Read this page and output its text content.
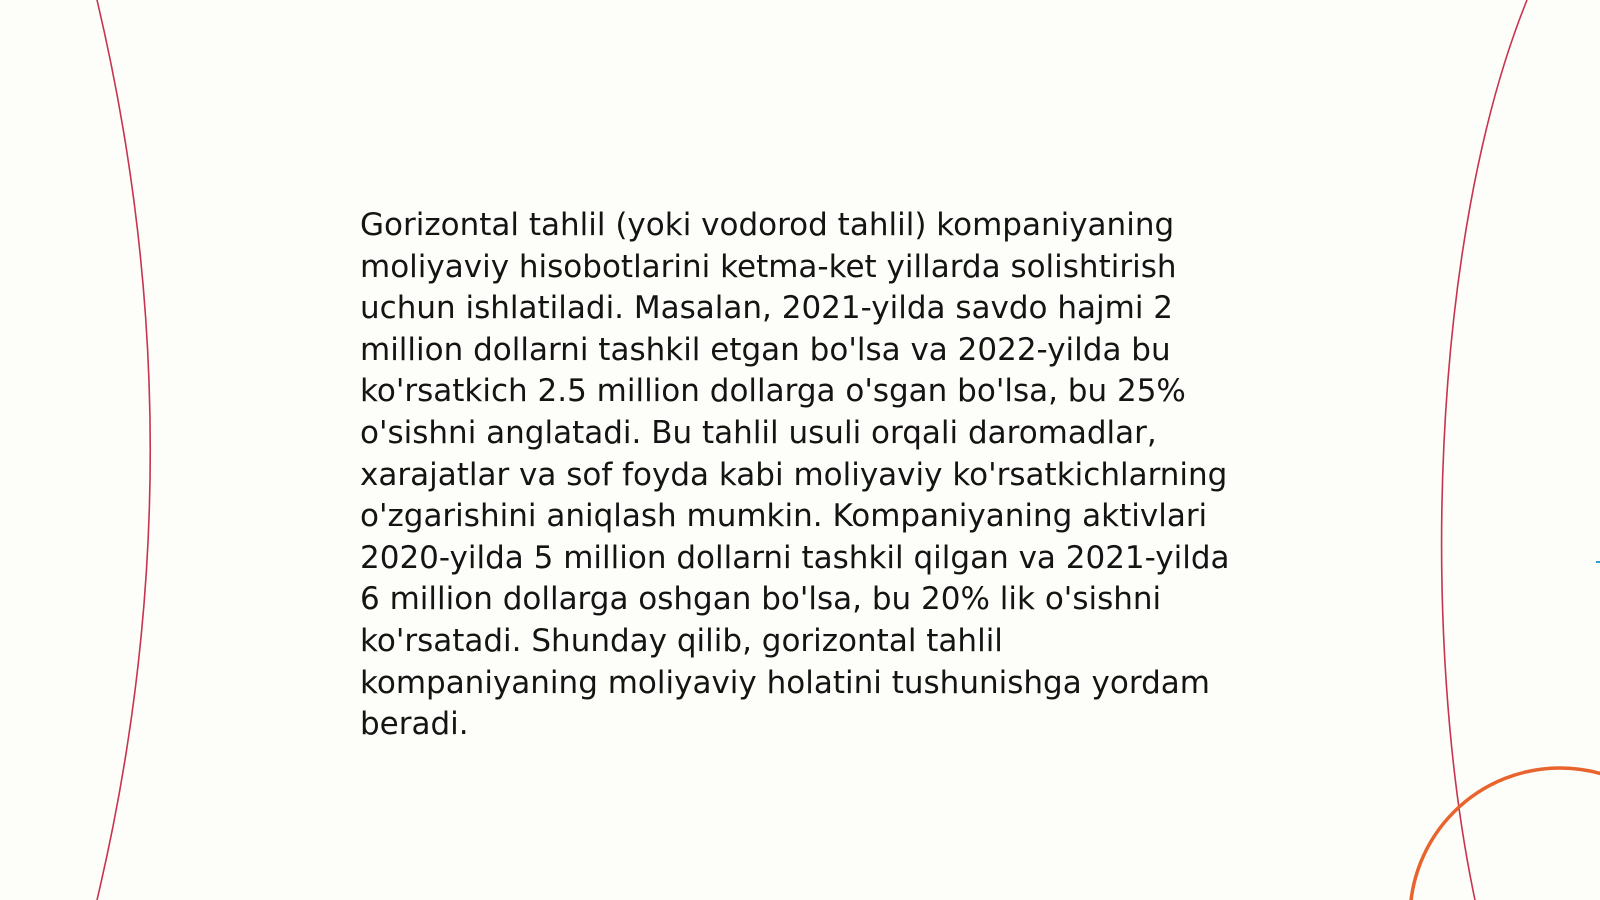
Gorizontal tahlil (yoki vodorod tahlil) kompaniyaning moliyaviy hisobotlarini ketma-ket yillarda solishtirish uchun ishlatiladi. Masalan, 2021-yilda savdo hajmi 2 million dollarni tashkil etgan bo'lsa va 2022-yilda bu ko'rsatkich 2.5 million dollarga o'sgan bo'lsa, bu 25% o'sishni anglatadi. Bu tahlil usuli orqali daromadlar, xarajatlar va sof foyda kabi moliyaviy ko'rsatkichlarning o'zgarishini aniqlash mumkin. Kompaniyaning aktivlari 2020-yilda 5 million dollarni tashkil qilgan va 2021-yilda 6 million dollarga oshgan bo'lsa, bu 20% lik o'sishni ko'rsatadi. Shunday qilib, gorizontal tahlil kompaniyaning moliyaviy holatini tushunishga yordam beradi.
